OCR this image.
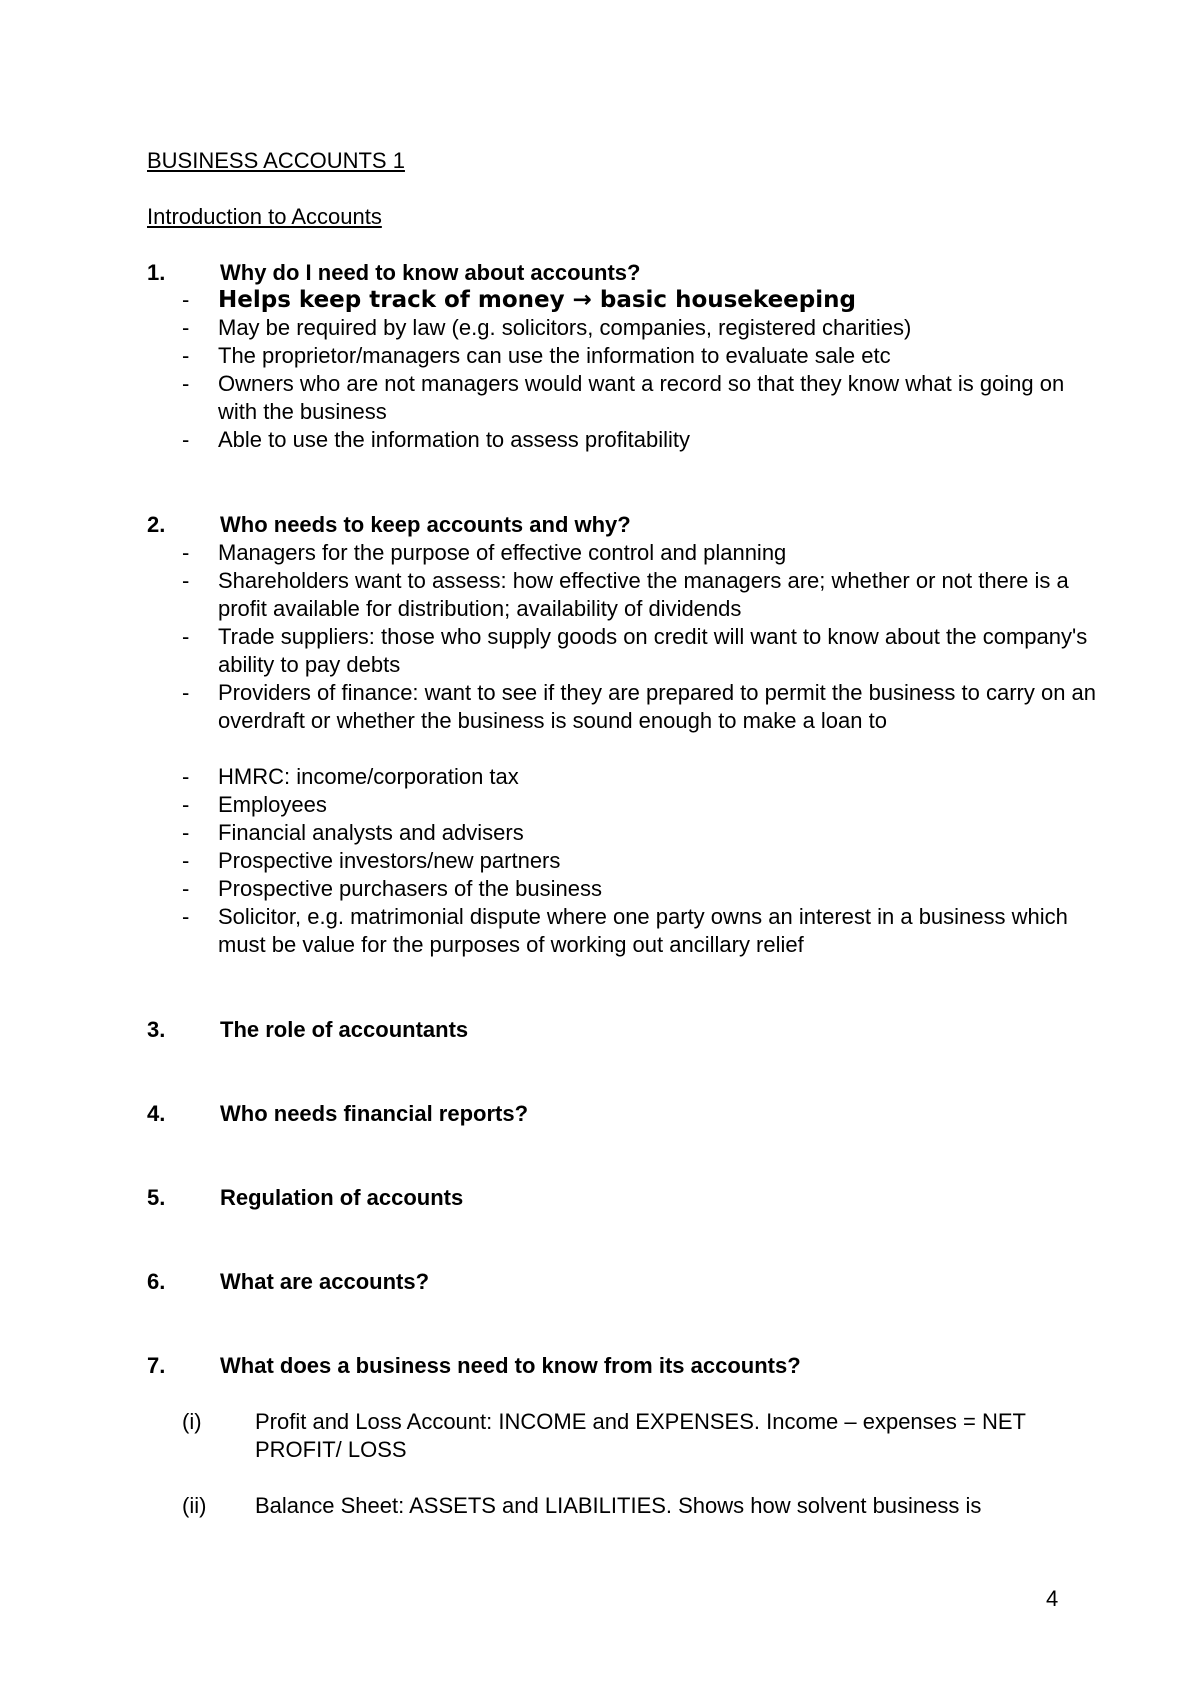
BUSINESS ACCOUNTS 1
Introduction to Accounts
1. Why do I need to know about accounts?
- Helps keep track of money → basic housekeeping
- May be required by law (e.g. solicitors, companies, registered charities)
- The proprietor/managers can use the information to evaluate sale etc
- Owners who are not managers would want a record so that they know what is going on with the business
- Able to use the information to assess profitability
2. Who needs to keep accounts and why?
- Managers for the purpose of effective control and planning
- Shareholders want to assess: how effective the managers are; whether or not there is a profit available for distribution; availability of dividends
- Trade suppliers: those who supply goods on credit will want to know about the company's ability to pay debts
- Providers of finance: want to see if they are prepared to permit the business to carry on an overdraft or whether the business is sound enough to make a loan to
- HMRC: income/corporation tax
- Employees
- Financial analysts and advisers
- Prospective investors/new partners
- Prospective purchasers of the business
- Solicitor, e.g. matrimonial dispute where one party owns an interest in a business which must be value for the purposes of working out ancillary relief
3. The role of accountants
4. Who needs financial reports?
5. Regulation of accounts
6. What are accounts?
7. What does a business need to know from its accounts?
(i) Profit and Loss Account: INCOME and EXPENSES. Income – expenses = NET PROFIT/ LOSS
(ii) Balance Sheet: ASSETS and LIABILITIES. Shows how solvent business is
4
